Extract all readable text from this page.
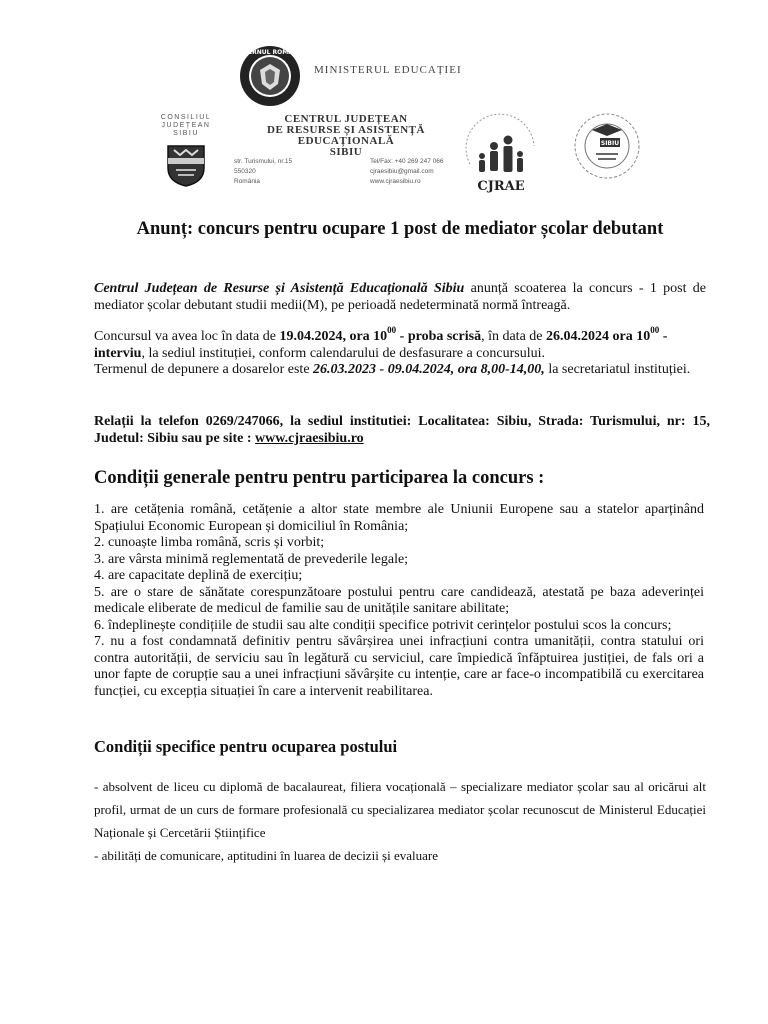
GUVERNUL ROMÂNIEI
MINISTERUL EDUCAȚIEI
CONSILIUL
JUDEȚEAN
SIBIU
CENTRUL JUDEȚEAN
DE RESURSE ȘI ASISTENȚĂ
EDUCAȚIONALĂ
SIBIU
str. Turismului, nr.15
550320
România
Tel/Fax: +40 269 247 066
cjraesibiu@gmail.com
www.cjraesibiu.ro	CJRAE
SIBIU
Anunț: concurs pentru ocupare 1 post de mediator școlar debutant
Centrul Județean de Resurse și Asistență Educațională Sibiu anunță scoaterea la concurs - 1 post de mediator școlar debutant studii medii(M), pe perioadă nedeterminată normă întreagă.
Concursul va avea loc în data de 19.04.2024, ora $10^{00}$ - proba scrisă, în data de 26.04.2024 ora $10^{00}$ - interviu, la sediul instituției, conform calendarului de desfasurare a concursului.
Termenul de depunere a dosarelor este 26.03.2023 - 09.04.2024, ora 8,00-14,00, la secretariatul instituției.
Relații la telefon 0269/247066, la sediul institutiei: Localitatea: Sibiu, Strada: Turismului, nr: 15, Judetul: Sibiu sau pe site : www.cjraesibiu.ro
Condiții generale pentru pentru participarea la concurs :
1. are cetățenia română, cetățenie a altor state membre ale Uniunii Europene sau a statelor aparținând Spațiului Economic European și domiciliul în România;
2. cunoaște limba română, scris și vorbit;
3. are vârsta minimă reglementată de prevederile legale;
4. are capacitate deplină de exercițiu;
5. are o stare de sănătate corespunzătoare postului pentru care candidează, atestată pe baza adeverinței medicale eliberate de medicul de familie sau de unitățile sanitare abilitate;
6. îndeplinește condițiile de studii sau alte condiții specifice potrivit cerințelor postului scos la concurs;
7. nu a fost condamnată definitiv pentru săvârșirea unei infracțiuni contra umanității, contra statului ori contra autorității, de serviciu sau în legătură cu serviciul, care împiedică înfăptuirea justiției, de fals ori a unor fapte de corupție sau a unei infracțiuni săvârșite cu intenție, care ar face-o incompatibilă cu exercitarea funcției, cu excepția situației în care a intervenit reabilitarea.
Condiții specifice pentru ocuparea postului
- absolvent de liceu cu diplomă de bacalaureat, filiera vocațională – specializare mediator școlar sau al oricărui alt profil, urmat de un curs de formare profesională cu specializarea mediator școlar recunoscut de Ministerul Educației Naționale și Cercetării Științifice
- abilități de comunicare, aptitudini în luarea de decizii și evaluare
